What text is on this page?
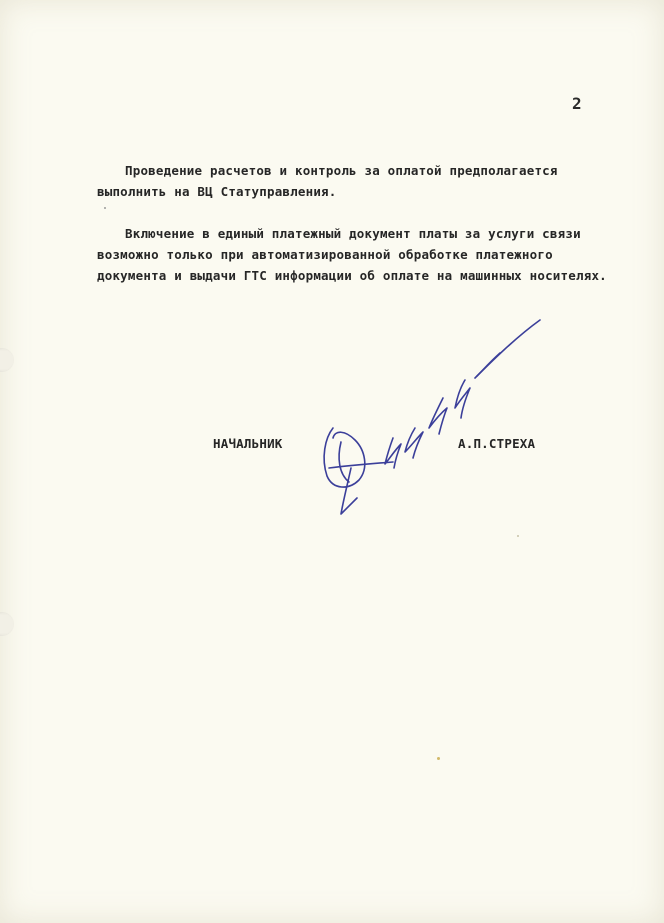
2
Проведение расчетов и контроль за оплатой предполагается
выполнить на ВЦ Статуправления.
Включение в единый платежный документ платы за услуги связи
возможно только при автоматизированной обработке платежного
документа и выдачи ГТС информации об оплате на машинных носителях.
НАЧАЛЬНИК	А.П.СТРЕХА
